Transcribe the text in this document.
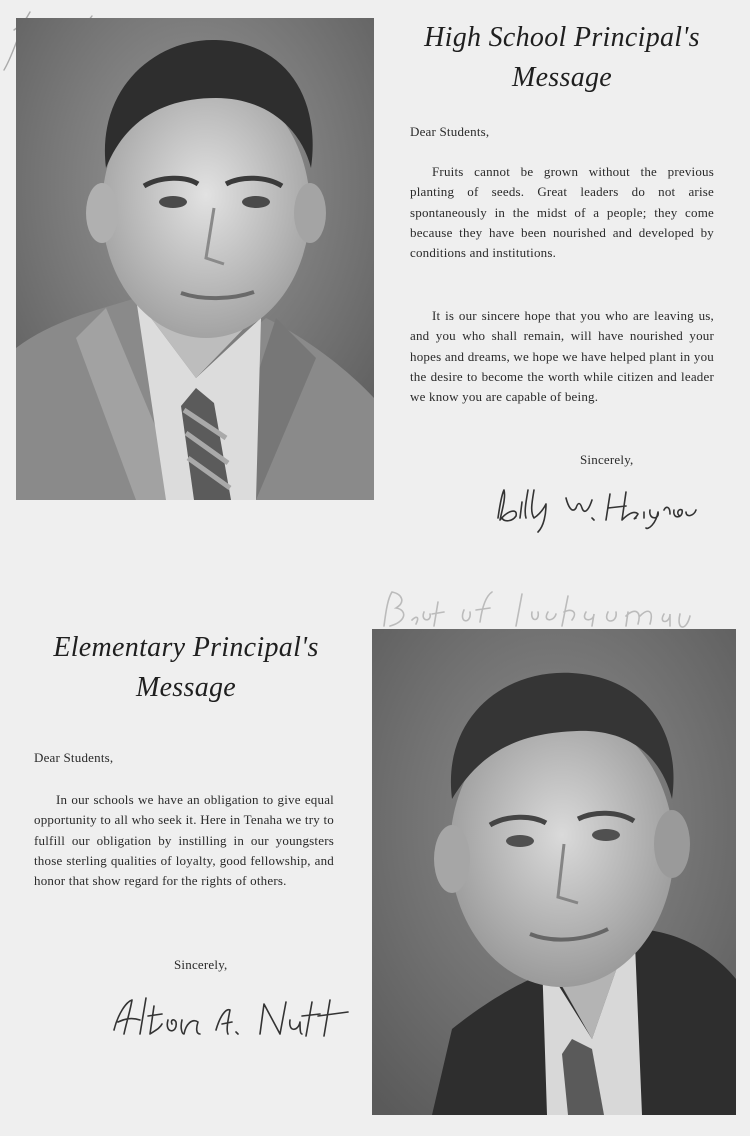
High School Principal's
Message
Dear Students,
Fruits cannot be grown without the previous planting of seeds. Great leaders do not arise spontaneously in the midst of a people; they come because they have been nourished and developed by conditions and institutions.
It is our sincere hope that you who are leaving us, and you who shall remain, will have nourished your hopes and dreams, we hope we have helped plant in you the desire to become the worth while citizen and leader we know you are capable of being.
Sincerely,
Elementary Principal's
Message
Dear Students,
In our schools we have an obligation to give equal opportunity to all who seek it. Here in Tenaha we try to fulfill our obligation by instilling in our youngsters those sterling qualities of loyalty, good fellowship, and honor that show regard for the rights of others.
Sincerely,
